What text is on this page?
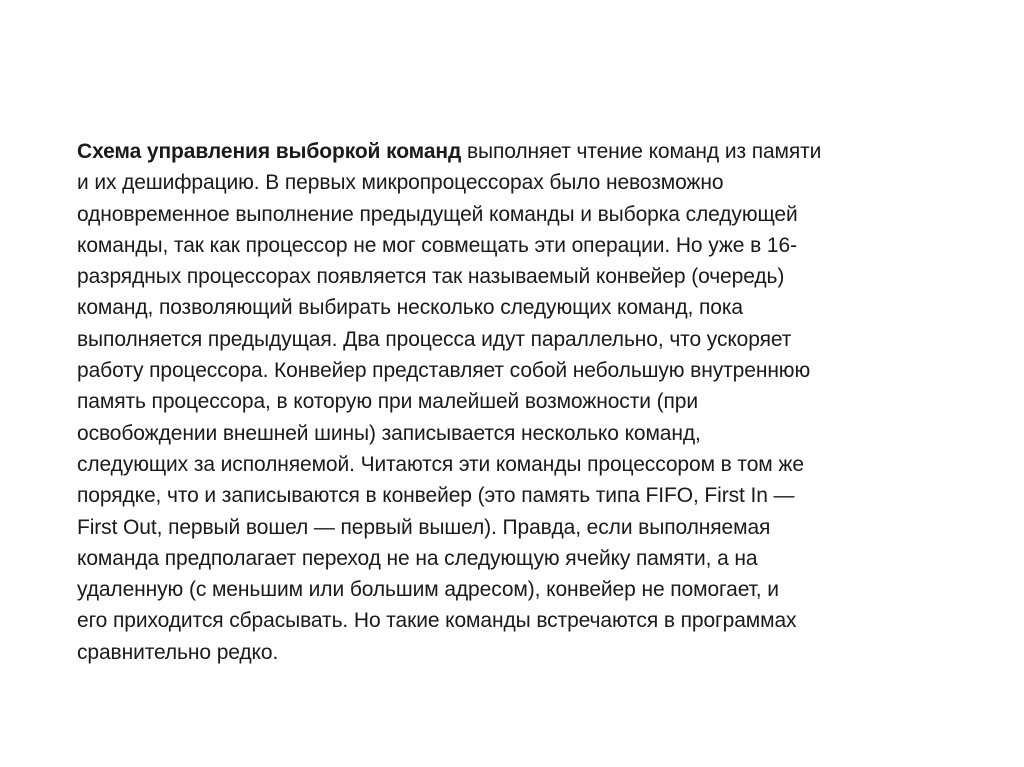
Схема управления выборкой команд выполняет чтение команд из памяти
и их дешифрацию. В первых микропроцессорах было невозможно
одновременное выполнение предыдущей команды и выборка следующей
команды, так как процессор не мог совмещать эти операции. Но уже в 16-
разрядных процессорах появляется так называемый конвейер (очередь)
команд, позволяющий выбирать несколько следующих команд, пока
выполняется предыдущая. Два процесса идут параллельно, что ускоряет
работу процессора. Конвейер представляет собой небольшую внутреннюю
память процессора, в которую при малейшей возможности (при
освобождении внешней шины) записывается несколько команд,
следующих за исполняемой. Читаются эти команды процессором в том же
порядке, что и записываются в конвейер (это память типа FIFO, First In —
First Out, первый вошел — первый вышел). Правда, если выполняемая
команда предполагает переход не на следующую ячейку памяти, а на
удаленную (с меньшим или большим адресом), конвейер не помогает, и
его приходится сбрасывать. Но такие команды встречаются в программах
сравнительно редко.
